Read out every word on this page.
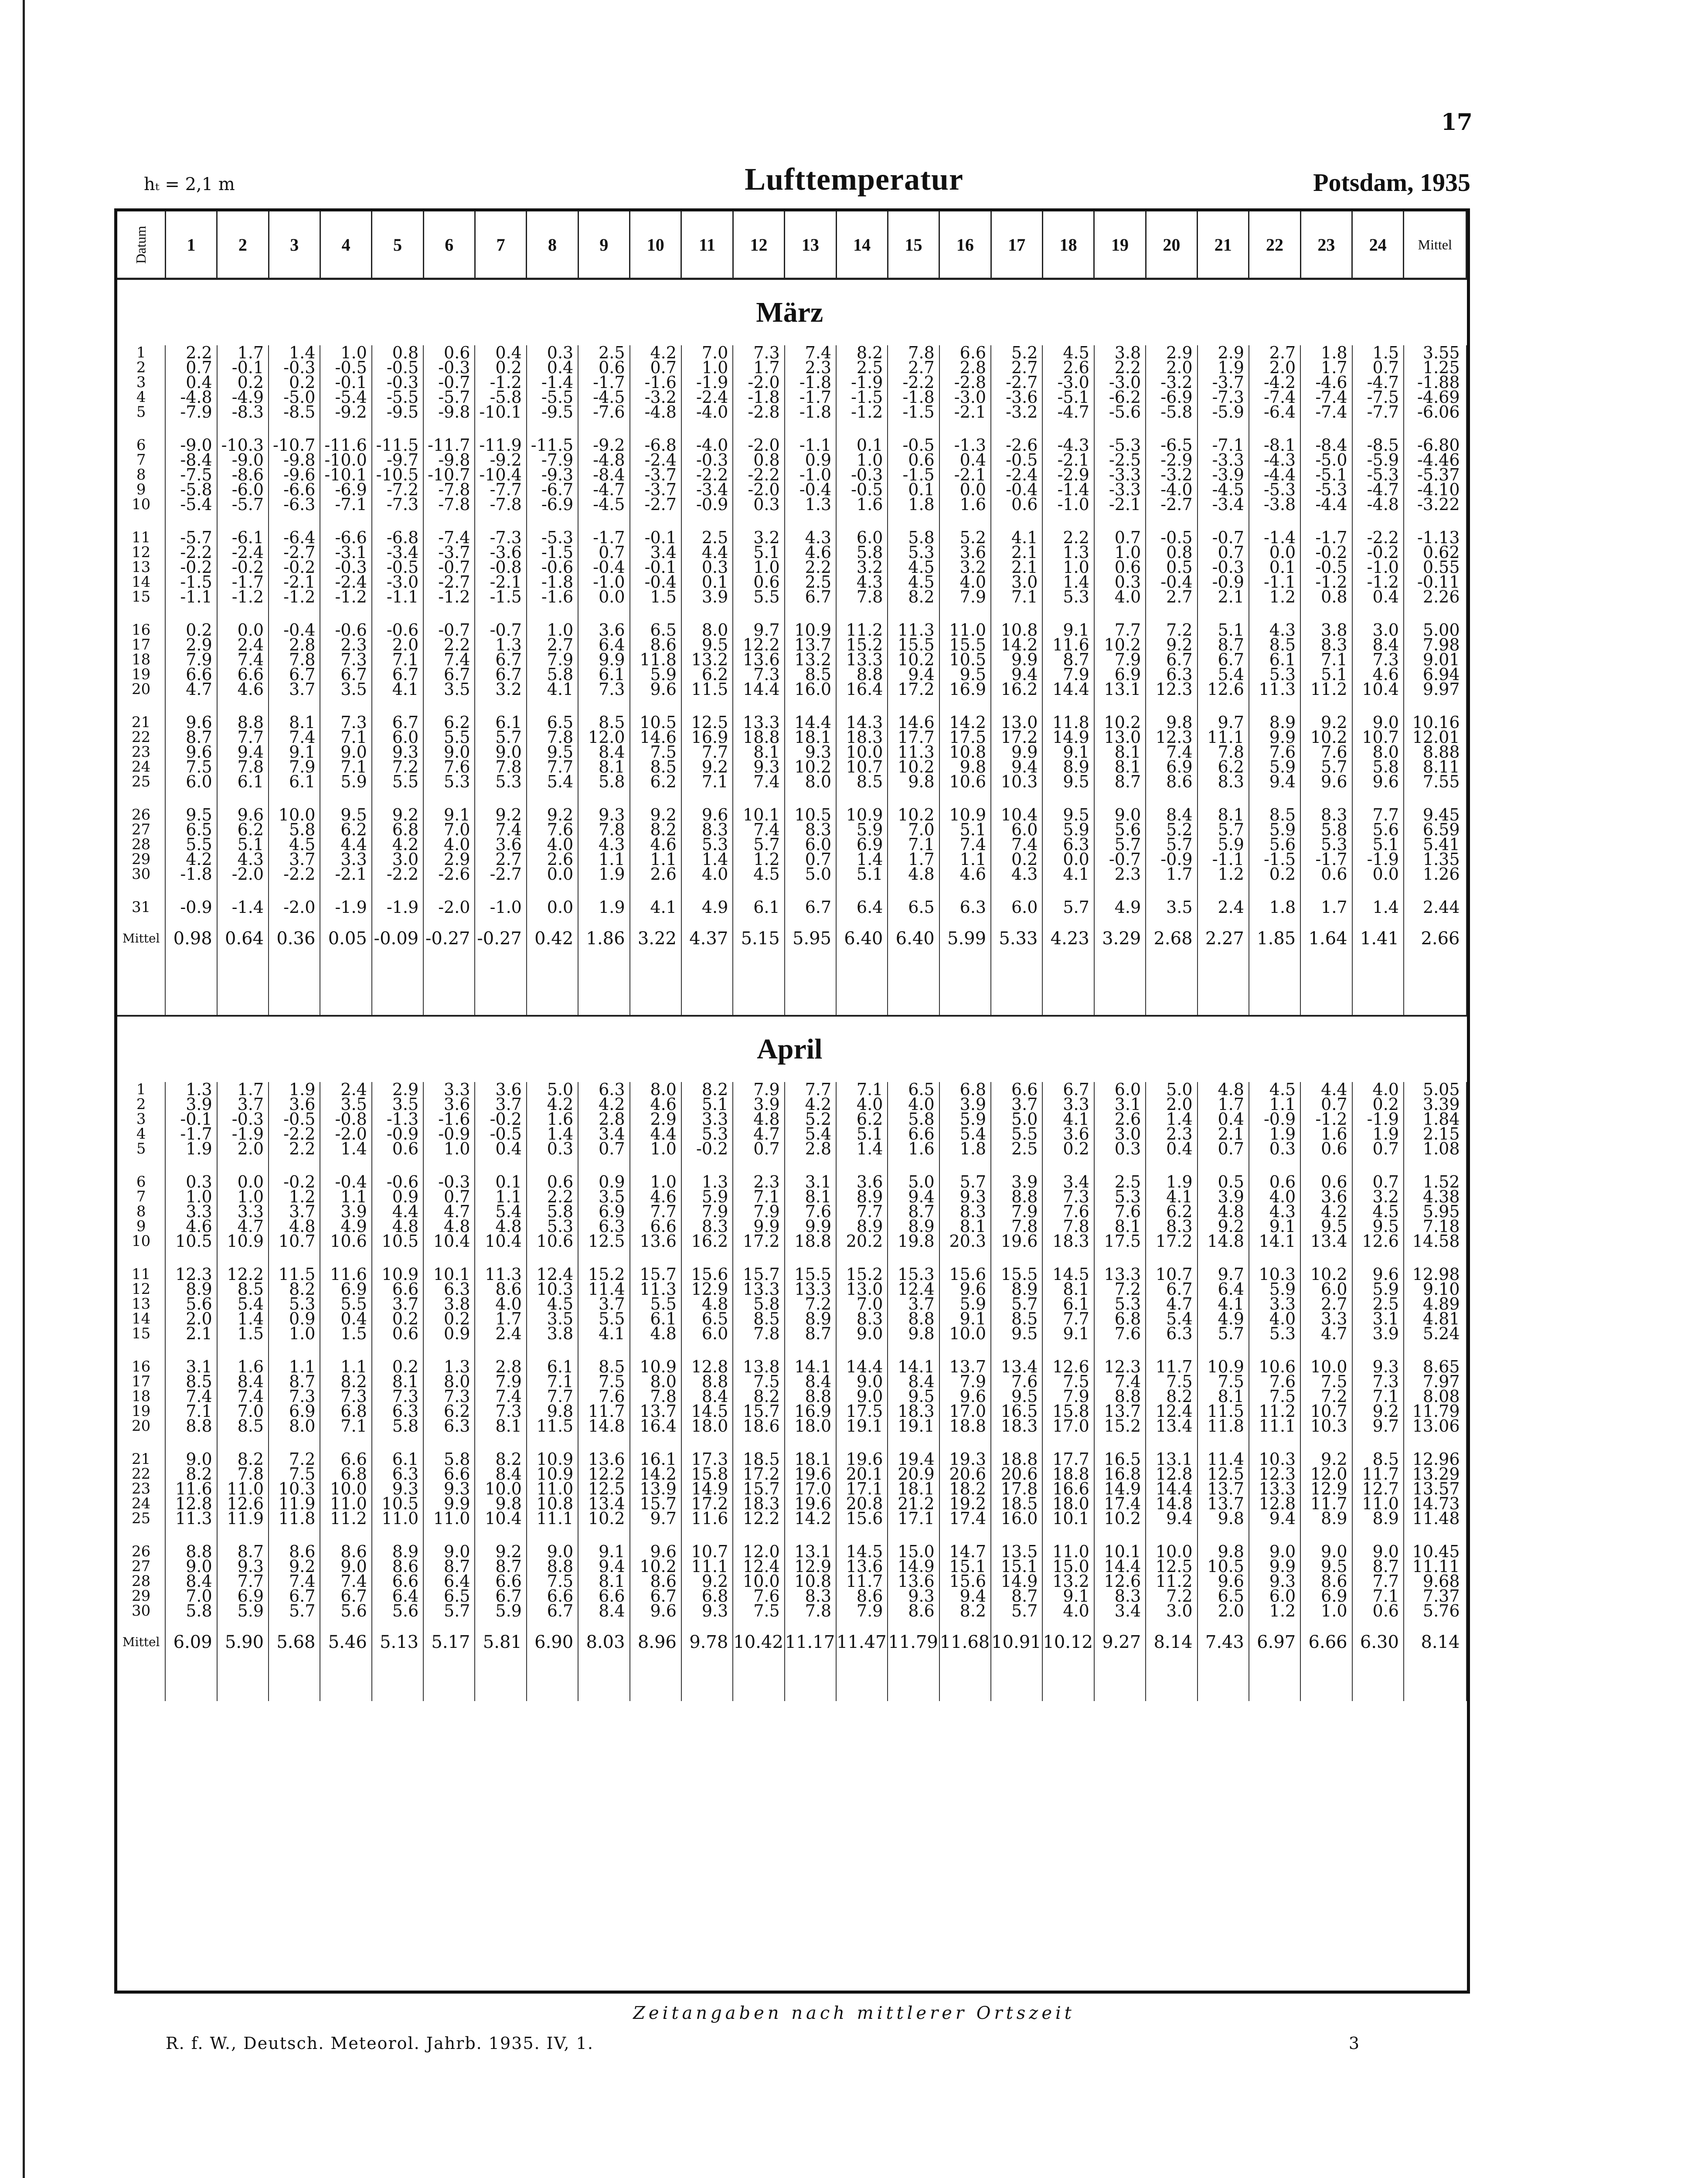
17
hₜ = 2,1 m	Lufttemperatur	Potsdam, 1935
Datum	1	2	3	4	5	6	7	8	9	10	11	12	13	14	15	16	17	18	19	20	21	22	23	24	Mittel
März																									
1	2.2	1.7	1.4	1.0	0.8	0.6	0.4	0.3	2.5	4.2	7.0	7.3	7.4	8.2	7.8	6.6	5.2	4.5	3.8	2.9	2.9	2.7	1.8	1.5	3.55
2	0.7	-0.1	-0.3	-0.5	-0.5	-0.3	0.2	0.4	0.6	0.7	1.0	1.7	2.3	2.5	2.7	2.8	2.7	2.6	2.2	2.0	1.9	2.0	1.7	0.7	1.25
3	0.4	0.2	0.2	-0.1	-0.3	-0.7	-1.2	-1.4	-1.7	-1.6	-1.9	-2.0	-1.8	-1.9	-2.2	-2.8	-2.7	-3.0	-3.0	-3.2	-3.7	-4.2	-4.6	-4.7	-1.88
4	-4.8	-4.9	-5.0	-5.4	-5.5	-5.7	-5.8	-5.5	-4.5	-3.2	-2.4	-1.8	-1.7	-1.5	-1.8	-3.0	-3.6	-5.1	-6.2	-6.9	-7.3	-7.4	-7.4	-7.5	-4.69
5	-7.9	-8.3	-8.5	-9.2	-9.5	-9.8	-10.1	-9.5	-7.6	-4.8	-4.0	-2.8	-1.8	-1.2	-1.5	-2.1	-3.2	-4.7	-5.6	-5.8	-5.9	-6.4	-7.4	-7.7	-6.06

6	-9.0	-10.3	-10.7	-11.6	-11.5	-11.7	-11.9	-11.5	-9.2	-6.8	-4.0	-2.0	-1.1	0.1	-0.5	-1.3	-2.6	-4.3	-5.3	-6.5	-7.1	-8.1	-8.4	-8.5	-6.80
7	-8.4	-9.0	-9.8	-10.0	-9.7	-9.8	-9.2	-7.9	-4.8	-2.4	-0.3	0.8	0.9	1.0	0.6	0.4	-0.5	-2.1	-2.5	-2.9	-3.3	-4.3	-5.0	-5.9	-4.46
8	-7.5	-8.6	-9.6	-10.1	-10.5	-10.7	-10.4	-9.3	-8.4	-3.7	-2.2	-2.2	-1.0	-0.3	-1.5	-2.1	-2.4	-2.9	-3.3	-3.2	-3.9	-4.4	-5.1	-5.3	-5.37
9	-5.8	-6.0	-6.6	-6.9	-7.2	-7.8	-7.7	-6.7	-4.7	-3.7	-3.4	-2.0	-0.4	-0.5	0.1	0.0	-0.4	-1.4	-3.3	-4.0	-4.5	-5.3	-5.3	-4.7	-4.10
10	-5.4	-5.7	-6.3	-7.1	-7.3	-7.8	-7.8	-6.9	-4.5	-2.7	-0.9	0.3	1.3	1.6	1.8	1.6	0.6	-1.0	-2.1	-2.7	-3.4	-3.8	-4.4	-4.8	-3.22

11	-5.7	-6.1	-6.4	-6.6	-6.8	-7.4	-7.3	-5.3	-1.7	-0.1	2.5	3.2	4.3	6.0	5.8	5.2	4.1	2.2	0.7	-0.5	-0.7	-1.4	-1.7	-2.2	-1.13
12	-2.2	-2.4	-2.7	-3.1	-3.4	-3.7	-3.6	-1.5	0.7	3.4	4.4	5.1	4.6	5.8	5.3	3.6	2.1	1.3	1.0	0.8	0.7	0.0	-0.2	-0.2	0.62
13	-0.2	-0.2	-0.2	-0.3	-0.5	-0.7	-0.8	-0.6	-0.4	-0.1	0.3	1.0	2.2	3.2	4.5	3.2	2.1	1.0	0.6	0.5	-0.3	0.1	-0.5	-1.0	0.55
14	-1.5	-1.7	-2.1	-2.4	-3.0	-2.7	-2.1	-1.8	-1.0	-0.4	0.1	0.6	2.5	4.3	4.5	4.0	3.0	1.4	0.3	-0.4	-0.9	-1.1	-1.2	-1.2	-0.11
15	-1.1	-1.2	-1.2	-1.2	-1.1	-1.2	-1.5	-1.6	0.0	1.5	3.9	5.5	6.7	7.8	8.2	7.9	7.1	5.3	4.0	2.7	2.1	1.2	0.8	0.4	2.26

16	0.2	0.0	-0.4	-0.6	-0.6	-0.7	-0.7	1.0	3.6	6.5	8.0	9.7	10.9	11.2	11.3	11.0	10.8	9.1	7.7	7.2	5.1	4.3	3.8	3.0	5.00
17	2.9	2.4	2.8	2.3	2.0	2.2	1.3	2.7	6.4	8.6	9.5	12.2	13.7	15.2	15.5	15.5	14.2	11.6	10.2	9.2	8.7	8.5	8.3	8.4	7.98
18	7.9	7.4	7.8	7.3	7.1	7.4	6.7	7.9	9.9	11.8	13.2	13.6	13.2	13.3	10.2	10.5	9.9	8.7	7.9	6.7	6.7	6.1	7.1	7.3	9.01
19	6.6	6.6	6.7	6.7	6.7	6.7	6.7	5.8	6.1	5.9	6.2	7.3	8.5	8.8	9.4	9.5	9.4	7.9	6.9	6.3	5.4	5.3	5.1	4.6	6.94
20	4.7	4.6	3.7	3.5	4.1	3.5	3.2	4.1	7.3	9.6	11.5	14.4	16.0	16.4	17.2	16.9	16.2	14.4	13.1	12.3	12.6	11.3	11.2	10.4	9.97

21	9.6	8.8	8.1	7.3	6.7	6.2	6.1	6.5	8.5	10.5	12.5	13.3	14.4	14.3	14.6	14.2	13.0	11.8	10.2	9.8	9.7	8.9	9.2	9.0	10.16
22	8.7	7.7	7.4	7.1	6.0	5.5	5.7	7.8	12.0	14.6	16.9	18.8	18.1	18.3	17.7	17.5	17.2	14.9	13.0	12.3	11.1	9.9	10.2	10.7	12.01
23	9.6	9.4	9.1	9.0	9.3	9.0	9.0	9.5	8.4	7.5	7.7	8.1	9.3	10.0	11.3	10.8	9.9	9.1	8.1	7.4	7.8	7.6	7.6	8.0	8.88
24	7.5	7.8	7.9	7.1	7.2	7.6	7.8	7.7	8.1	8.5	9.2	9.3	10.2	10.7	10.2	9.8	9.4	8.9	8.1	6.9	6.2	5.9	5.7	5.8	8.11
25	6.0	6.1	6.1	5.9	5.5	5.3	5.3	5.4	5.8	6.2	7.1	7.4	8.0	8.5	9.8	10.6	10.3	9.5	8.7	8.6	8.3	9.4	9.6	9.6	7.55

26	9.5	9.6	10.0	9.5	9.2	9.1	9.2	9.2	9.3	9.2	9.6	10.1	10.5	10.9	10.2	10.9	10.4	9.5	9.0	8.4	8.1	8.5	8.3	7.7	9.45
27	6.5	6.2	5.8	6.2	6.8	7.0	7.4	7.6	7.8	8.2	8.3	7.4	8.3	5.9	7.0	5.1	6.0	5.9	5.6	5.2	5.7	5.9	5.8	5.6	6.59
28	5.5	5.1	4.5	4.4	4.2	4.0	3.6	4.0	4.3	4.6	5.3	5.7	6.0	6.9	7.1	7.4	7.4	6.3	5.7	5.7	5.9	5.6	5.3	5.1	5.41
29	4.2	4.3	3.7	3.3	3.0	2.9	2.7	2.6	1.1	1.1	1.4	1.2	0.7	1.4	1.7	1.1	0.2	0.0	-0.7	-0.9	-1.1	-1.5	-1.7	-1.9	1.35
30	-1.8	-2.0	-2.2	-2.1	-2.2	-2.6	-2.7	0.0	1.9	2.6	4.0	4.5	5.0	5.1	4.8	4.6	4.3	4.1	2.3	1.7	1.2	0.2	0.6	0.0	1.26

31	-0.9	-1.4	-2.0	-1.9	-1.9	-2.0	-1.0	0.0	1.9	4.1	4.9	6.1	6.7	6.4	6.5	6.3	6.0	5.7	4.9	3.5	2.4	1.8	1.7	1.4	2.44
Mittel	0.98	0.64	0.36	0.05	-0.09	-0.27	-0.27	0.42	1.86	3.22	4.37	5.15	5.95	6.40	6.40	5.99	5.33	4.23	3.29	2.68	2.27	1.85	1.64	1.41	2.66

April																									
1	1.3	1.7	1.9	2.4	2.9	3.3	3.6	5.0	6.3	8.0	8.2	7.9	7.7	7.1	6.5	6.8	6.6	6.7	6.0	5.0	4.8	4.5	4.4	4.0	5.05
2	3.9	3.7	3.6	3.5	3.5	3.6	3.7	4.2	4.2	4.6	5.1	3.9	4.2	4.0	4.0	3.9	3.7	3.3	3.1	2.0	1.7	1.1	0.7	0.2	3.39
3	-0.1	-0.3	-0.5	-0.8	-1.3	-1.6	-0.2	1.6	2.8	2.9	3.3	4.8	5.2	6.2	5.8	5.9	5.0	4.1	2.6	1.4	0.4	-0.9	-1.2	-1.9	1.84
4	-1.7	-1.9	-2.2	-2.0	-0.9	-0.9	-0.5	1.4	3.4	4.4	5.3	4.7	5.4	5.1	6.6	5.4	5.5	3.6	3.0	2.3	2.1	1.9	1.6	1.9	2.15
5	1.9	2.0	2.2	1.4	0.6	1.0	0.4	0.3	0.7	1.0	-0.2	0.7	2.8	1.4	1.6	1.8	2.5	0.2	0.3	0.4	0.7	0.3	0.6	0.7	1.08

6	0.3	0.0	-0.2	-0.4	-0.6	-0.3	0.1	0.6	0.9	1.0	1.3	2.3	3.1	3.6	5.0	5.7	3.9	3.4	2.5	1.9	0.5	0.6	0.6	0.7	1.52
7	1.0	1.0	1.2	1.1	0.9	0.7	1.1	2.2	3.5	4.6	5.9	7.1	8.1	8.9	9.4	9.3	8.8	7.3	5.3	4.1	3.9	4.0	3.6	3.2	4.38
8	3.3	3.3	3.7	3.9	4.4	4.7	5.4	5.8	6.9	7.7	7.9	7.9	7.6	7.7	8.7	8.3	7.9	7.6	7.6	6.2	4.8	4.3	4.2	4.5	5.95
9	4.6	4.7	4.8	4.9	4.8	4.8	4.8	5.3	6.3	6.6	8.3	9.9	9.9	8.9	8.9	8.1	7.8	7.8	8.1	8.3	9.2	9.1	9.5	9.5	7.18
10	10.5	10.9	10.7	10.6	10.5	10.4	10.4	10.6	12.5	13.6	16.2	17.2	18.8	20.2	19.8	20.3	19.6	18.3	17.5	17.2	14.8	14.1	13.4	12.6	14.58

11	12.3	12.2	11.5	11.6	10.9	10.1	11.3	12.4	15.2	15.7	15.6	15.7	15.5	15.2	15.3	15.6	15.5	14.5	13.3	10.7	9.7	10.3	10.2	9.6	12.98
12	8.9	8.5	8.2	6.9	6.6	6.3	8.6	10.3	11.4	11.3	12.9	13.3	13.3	13.0	12.4	9.6	8.9	8.1	7.2	6.7	6.4	5.9	6.0	5.9	9.10
13	5.6	5.4	5.3	5.5	3.7	3.8	4.0	4.5	3.7	5.5	4.8	5.8	7.2	7.0	3.7	5.9	5.7	6.1	5.3	4.7	4.1	3.3	2.7	2.5	4.89
14	2.0	1.4	0.9	0.4	0.2	0.2	1.7	3.5	5.5	6.1	6.5	8.5	8.9	8.3	8.8	9.1	8.5	7.7	6.8	5.4	4.9	4.0	3.3	3.1	4.81
15	2.1	1.5	1.0	1.5	0.6	0.9	2.4	3.8	4.1	4.8	6.0	7.8	8.7	9.0	9.8	10.0	9.5	9.1	7.6	6.3	5.7	5.3	4.7	3.9	5.24

16	3.1	1.6	1.1	1.1	0.2	1.3	2.8	6.1	8.5	10.9	12.8	13.8	14.1	14.4	14.1	13.7	13.4	12.6	12.3	11.7	10.9	10.6	10.0	9.3	8.65
17	8.5	8.4	8.7	8.2	8.1	8.0	7.9	7.1	7.5	8.0	8.8	7.5	8.4	9.0	8.4	7.9	7.6	7.5	7.4	7.5	7.5	7.6	7.5	7.3	7.97
18	7.4	7.4	7.3	7.3	7.3	7.3	7.4	7.7	7.6	7.8	8.4	8.2	8.8	9.0	9.5	9.6	9.5	7.9	8.8	8.2	8.1	7.5	7.2	7.1	8.08
19	7.1	7.0	6.9	6.8	6.3	6.2	7.3	9.8	11.7	13.7	14.5	15.7	16.9	17.5	18.3	17.0	16.5	15.8	13.7	12.4	11.5	11.2	10.7	9.2	11.79
20	8.8	8.5	8.0	7.1	5.8	6.3	8.1	11.5	14.8	16.4	18.0	18.6	18.0	19.1	19.1	18.8	18.3	17.0	15.2	13.4	11.8	11.1	10.3	9.7	13.06

21	9.0	8.2	7.2	6.6	6.1	5.8	8.2	10.9	13.6	16.1	17.3	18.5	18.1	19.6	19.4	19.3	18.8	17.7	16.5	13.1	11.4	10.3	9.2	8.5	12.96
22	8.2	7.8	7.5	6.8	6.3	6.6	8.4	10.9	12.2	14.2	15.8	17.2	19.6	20.1	20.9	20.6	20.6	18.8	16.8	12.8	12.5	12.3	12.0	11.7	13.29
23	11.6	11.0	10.3	10.0	9.3	9.3	10.0	11.0	12.5	13.9	14.9	15.7	17.0	17.1	18.1	18.2	17.8	16.6	14.9	14.4	13.7	13.3	12.9	12.7	13.57
24	12.8	12.6	11.9	11.0	10.5	9.9	9.8	10.8	13.4	15.7	17.2	18.3	19.6	20.8	21.2	19.2	18.5	18.0	17.4	14.8	13.7	12.8	11.7	11.0	14.73
25	11.3	11.9	11.8	11.2	11.0	11.0	10.4	11.1	10.2	9.7	11.6	12.2	14.2	15.6	17.1	17.4	16.0	10.1	10.2	9.4	9.8	9.4	8.9	8.9	11.48

26	8.8	8.7	8.6	8.6	8.9	9.0	9.2	9.0	9.1	9.6	10.7	12.0	13.1	14.5	15.0	14.7	13.5	11.0	10.1	10.0	9.8	9.0	9.0	9.0	10.45
27	9.0	9.3	9.2	9.0	8.6	8.7	8.7	8.8	9.4	10.2	11.1	12.4	12.9	13.6	14.9	15.1	15.1	15.0	14.4	12.5	10.5	9.9	9.5	8.7	11.11
28	8.4	7.7	7.4	7.4	6.6	6.4	6.6	7.5	8.1	8.6	9.2	10.0	10.8	11.7	13.6	15.6	14.9	13.2	12.6	11.2	9.6	9.3	8.6	7.7	9.68
29	7.0	6.9	6.7	6.7	6.4	6.5	6.7	6.6	6.6	6.7	6.8	7.6	8.3	8.6	9.3	9.4	8.7	9.1	8.3	7.2	6.5	6.0	6.9	7.1	7.37
30	5.8	5.9	5.7	5.6	5.6	5.7	5.9	6.7	8.4	9.6	9.3	7.5	7.8	7.9	8.6	8.2	5.7	4.0	3.4	3.0	2.0	1.2	1.0	0.6	5.76
Mittel	6.09	5.90	5.68	5.46	5.13	5.17	5.81	6.90	8.03	8.96	9.78	10.42	11.17	11.47	11.79	11.68	10.91	10.12	9.27	8.14	7.43	6.97	6.66	6.30	8.14

Zeitangaben nach mittlerer Ortszeit
R. f. W., Deutsch. Meteorol. Jahrb. 1935. IV, 1.	3
